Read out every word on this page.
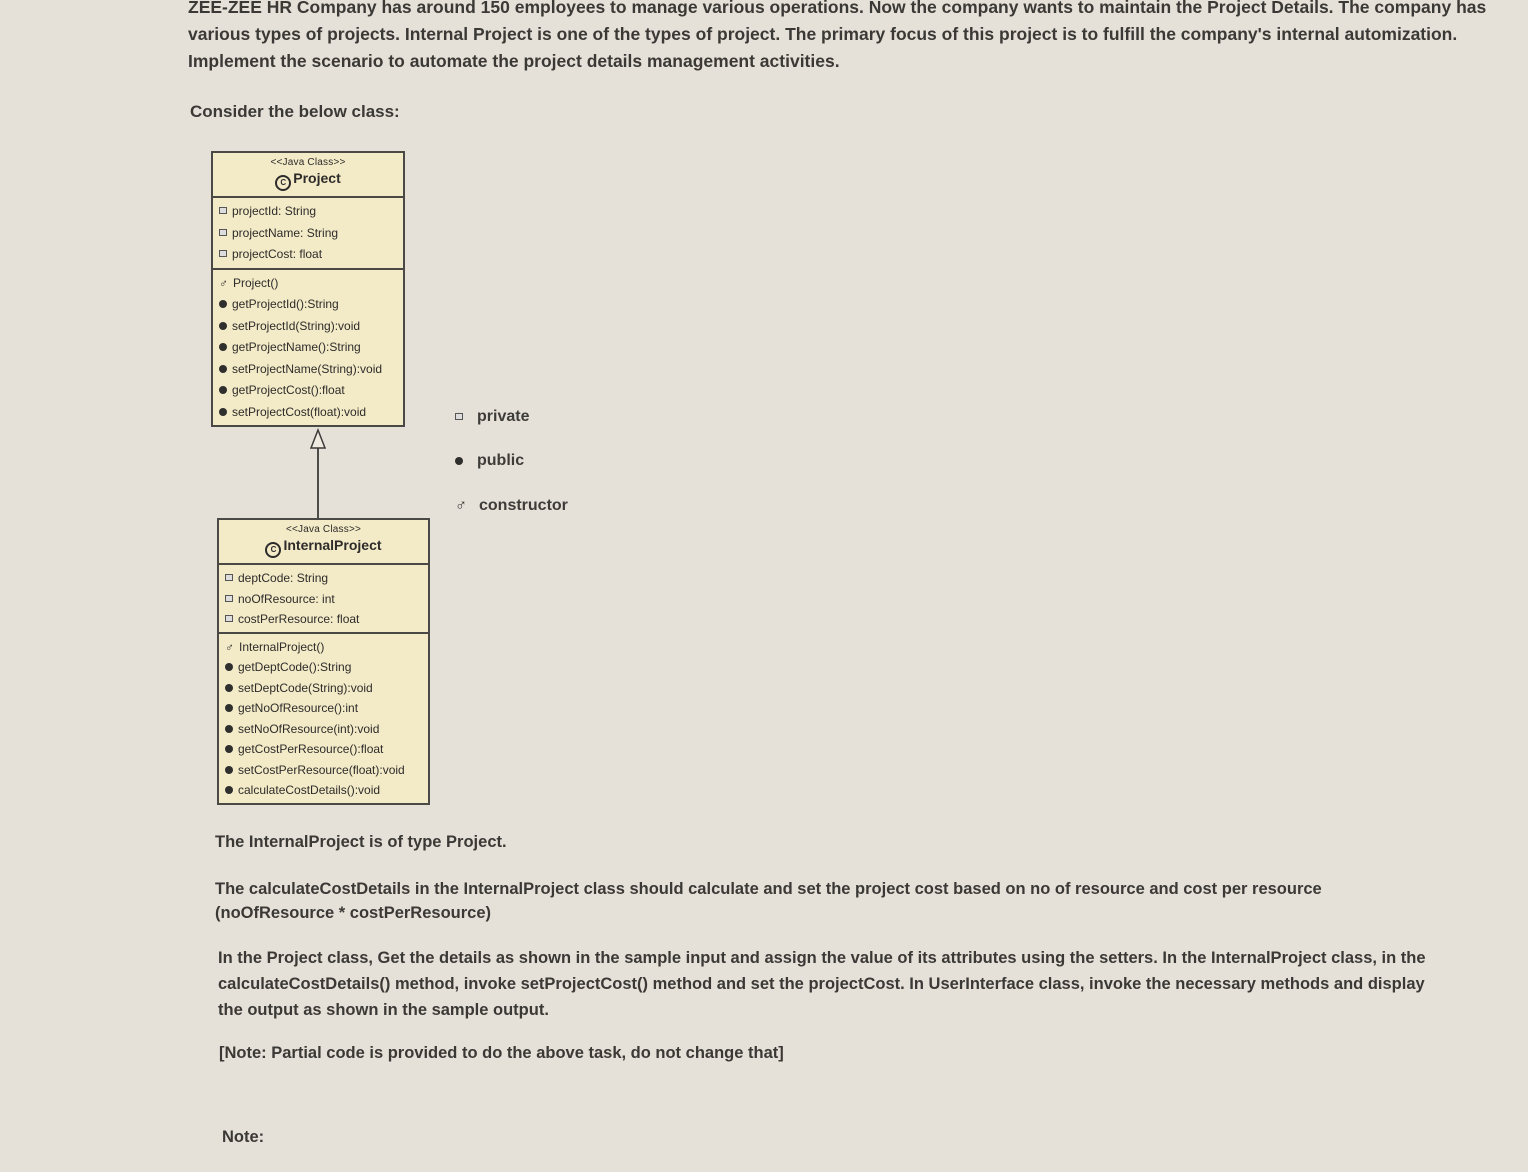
ZEE-ZEE HR Company has around 150 employees to manage various operations. Now the company wants to maintain the Project Details. The company has various types of projects. Internal Project is one of the types of project. The primary focus of this project is to fulfill the company's internal automization. Implement the scenario to automate the project details management activities.
Consider the below class:
<<Java Class>>
C Project
projectId: String
projectName: String
projectCost: float
♂ Project()
getProjectId():String
setProjectId(String):void
getProjectName():String
setProjectName(String):void
getProjectCost():float
setProjectCost(float):void
<<Java Class>>
C InternalProject
deptCode: String
noOfResource: int
costPerResource: float
♂ InternalProject()
getDeptCode():String
setDeptCode(String):void
getNoOfResource():int
setNoOfResource(int):void
getCostPerResource():float
setCostPerResource(float):void
calculateCostDetails():void
private
public
♂ constructor
The InternalProject is of type Project.
The calculateCostDetails in the InternalProject class should calculate and set the project cost based on no of resource and cost per resource (noOfResource * costPerResource)
In the Project class, Get the details as shown in the sample input and assign the value of its attributes using the setters. In the InternalProject class, in the calculateCostDetails() method, invoke setProjectCost() method and set the projectCost. In UserInterface class, invoke the necessary methods and display the output as shown in the sample output.
[Note: Partial code is provided to do the above task, do not change that]
Note:
